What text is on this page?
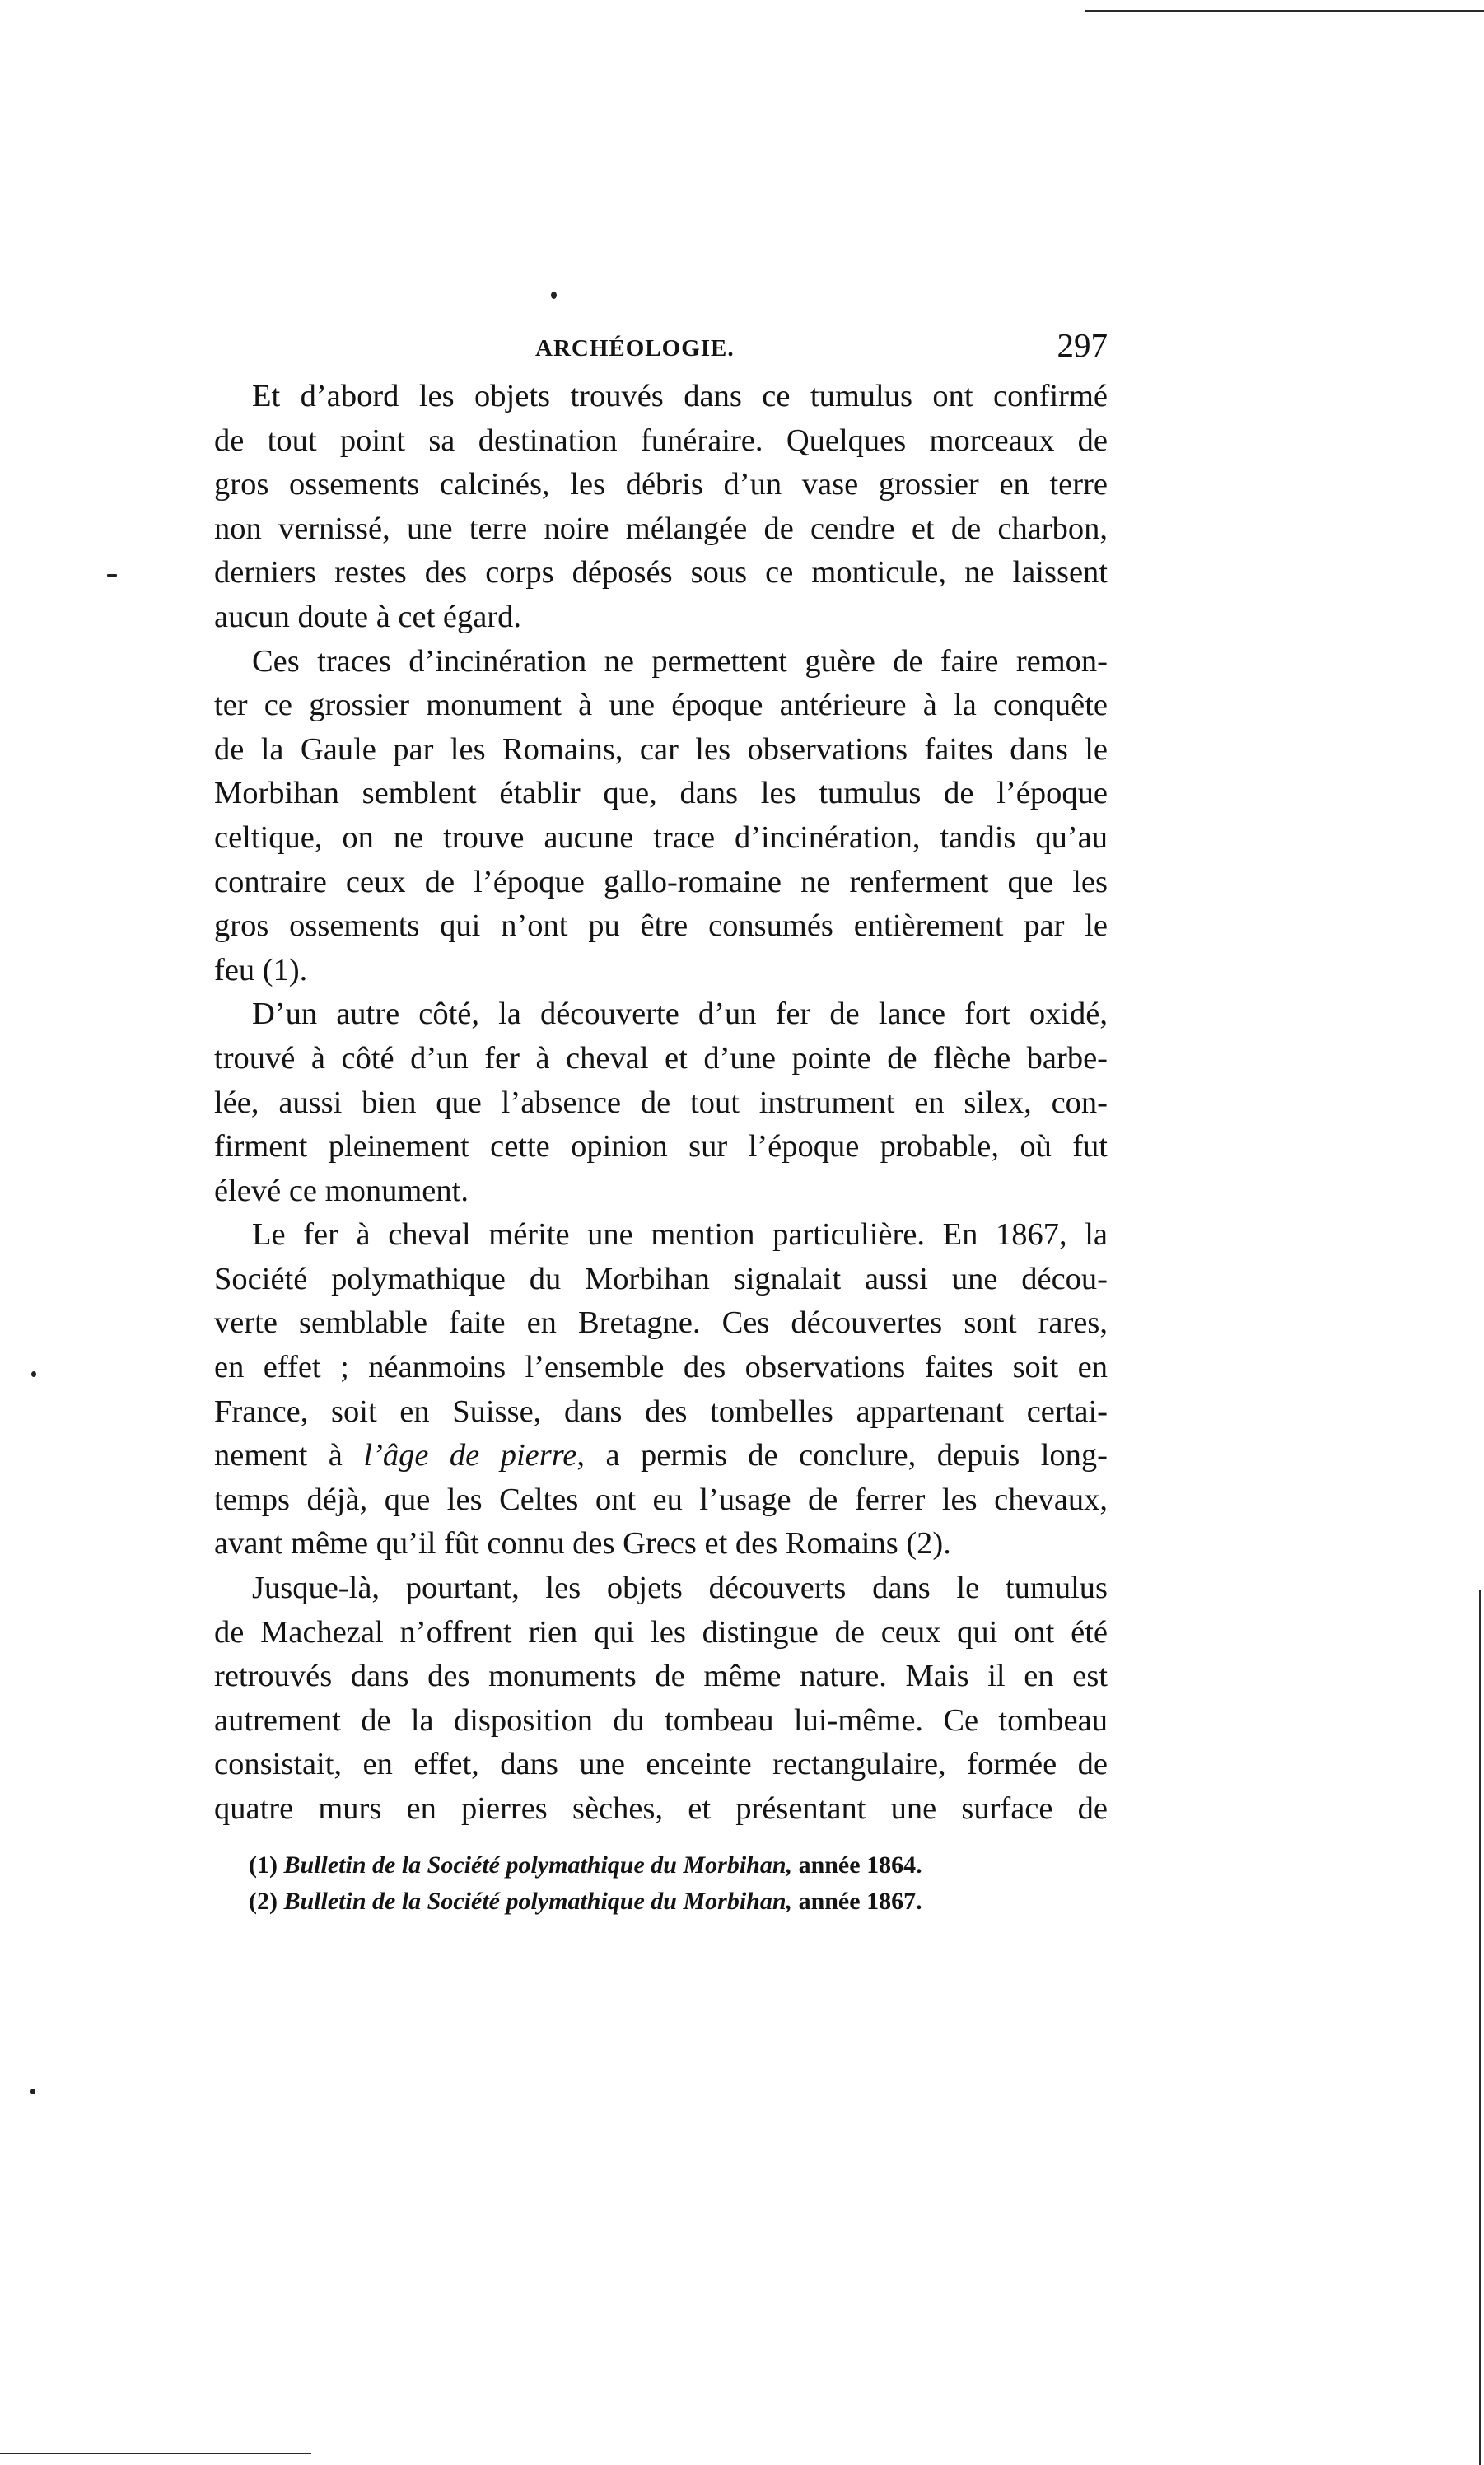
ARCHÉOLOGIE.	297
Et d’abord les objets trouvés dans ce tumulus ont confirmé
de tout point sa destination funéraire. Quelques morceaux de
gros ossements calcinés, les débris d’un vase grossier en terre
non vernissé, une terre noire mélangée de cendre et de charbon,
derniers restes des corps déposés sous ce monticule, ne laissent
aucun doute à cet égard.
Ces traces d’incinération ne permettent guère de faire remon-
ter ce grossier monument à une époque antérieure à la conquête
de la Gaule par les Romains, car les observations faites dans le
Morbihan semblent établir que, dans les tumulus de l’époque
celtique, on ne trouve aucune trace d’incinération, tandis qu’au
contraire ceux de l’époque gallo-romaine ne renferment que les
gros ossements qui n’ont pu être consumés entièrement par le
feu (1).
D’un autre côté, la découverte d’un fer de lance fort oxidé,
trouvé à côté d’un fer à cheval et d’une pointe de flèche barbe-
lée, aussi bien que l’absence de tout instrument en silex, con-
firment pleinement cette opinion sur l’époque probable, où fut
élevé ce monument.
Le fer à cheval mérite une mention particulière. En 1867, la
Société polymathique du Morbihan signalait aussi une décou-
verte semblable faite en Bretagne. Ces découvertes sont rares,
en effet ; néanmoins l’ensemble des observations faites soit en
France, soit en Suisse, dans des tombelles appartenant certai-
nement à l’âge de pierre, a permis de conclure, depuis long-
temps déjà, que les Celtes ont eu l’usage de ferrer les chevaux,
avant même qu’il fût connu des Grecs et des Romains (2).
Jusque-là, pourtant, les objets découverts dans le tumulus
de Machezal n’offrent rien qui les distingue de ceux qui ont été
retrouvés dans des monuments de même nature. Mais il en est
autrement de la disposition du tombeau lui-même. Ce tombeau
consistait, en effet, dans une enceinte rectangulaire, formée de
quatre murs en pierres sèches, et présentant une surface de
(1) Bulletin de la Société polymathique du Morbihan, année 1864.
(2) Bulletin de la Société polymathique du Morbihan, année 1867.
